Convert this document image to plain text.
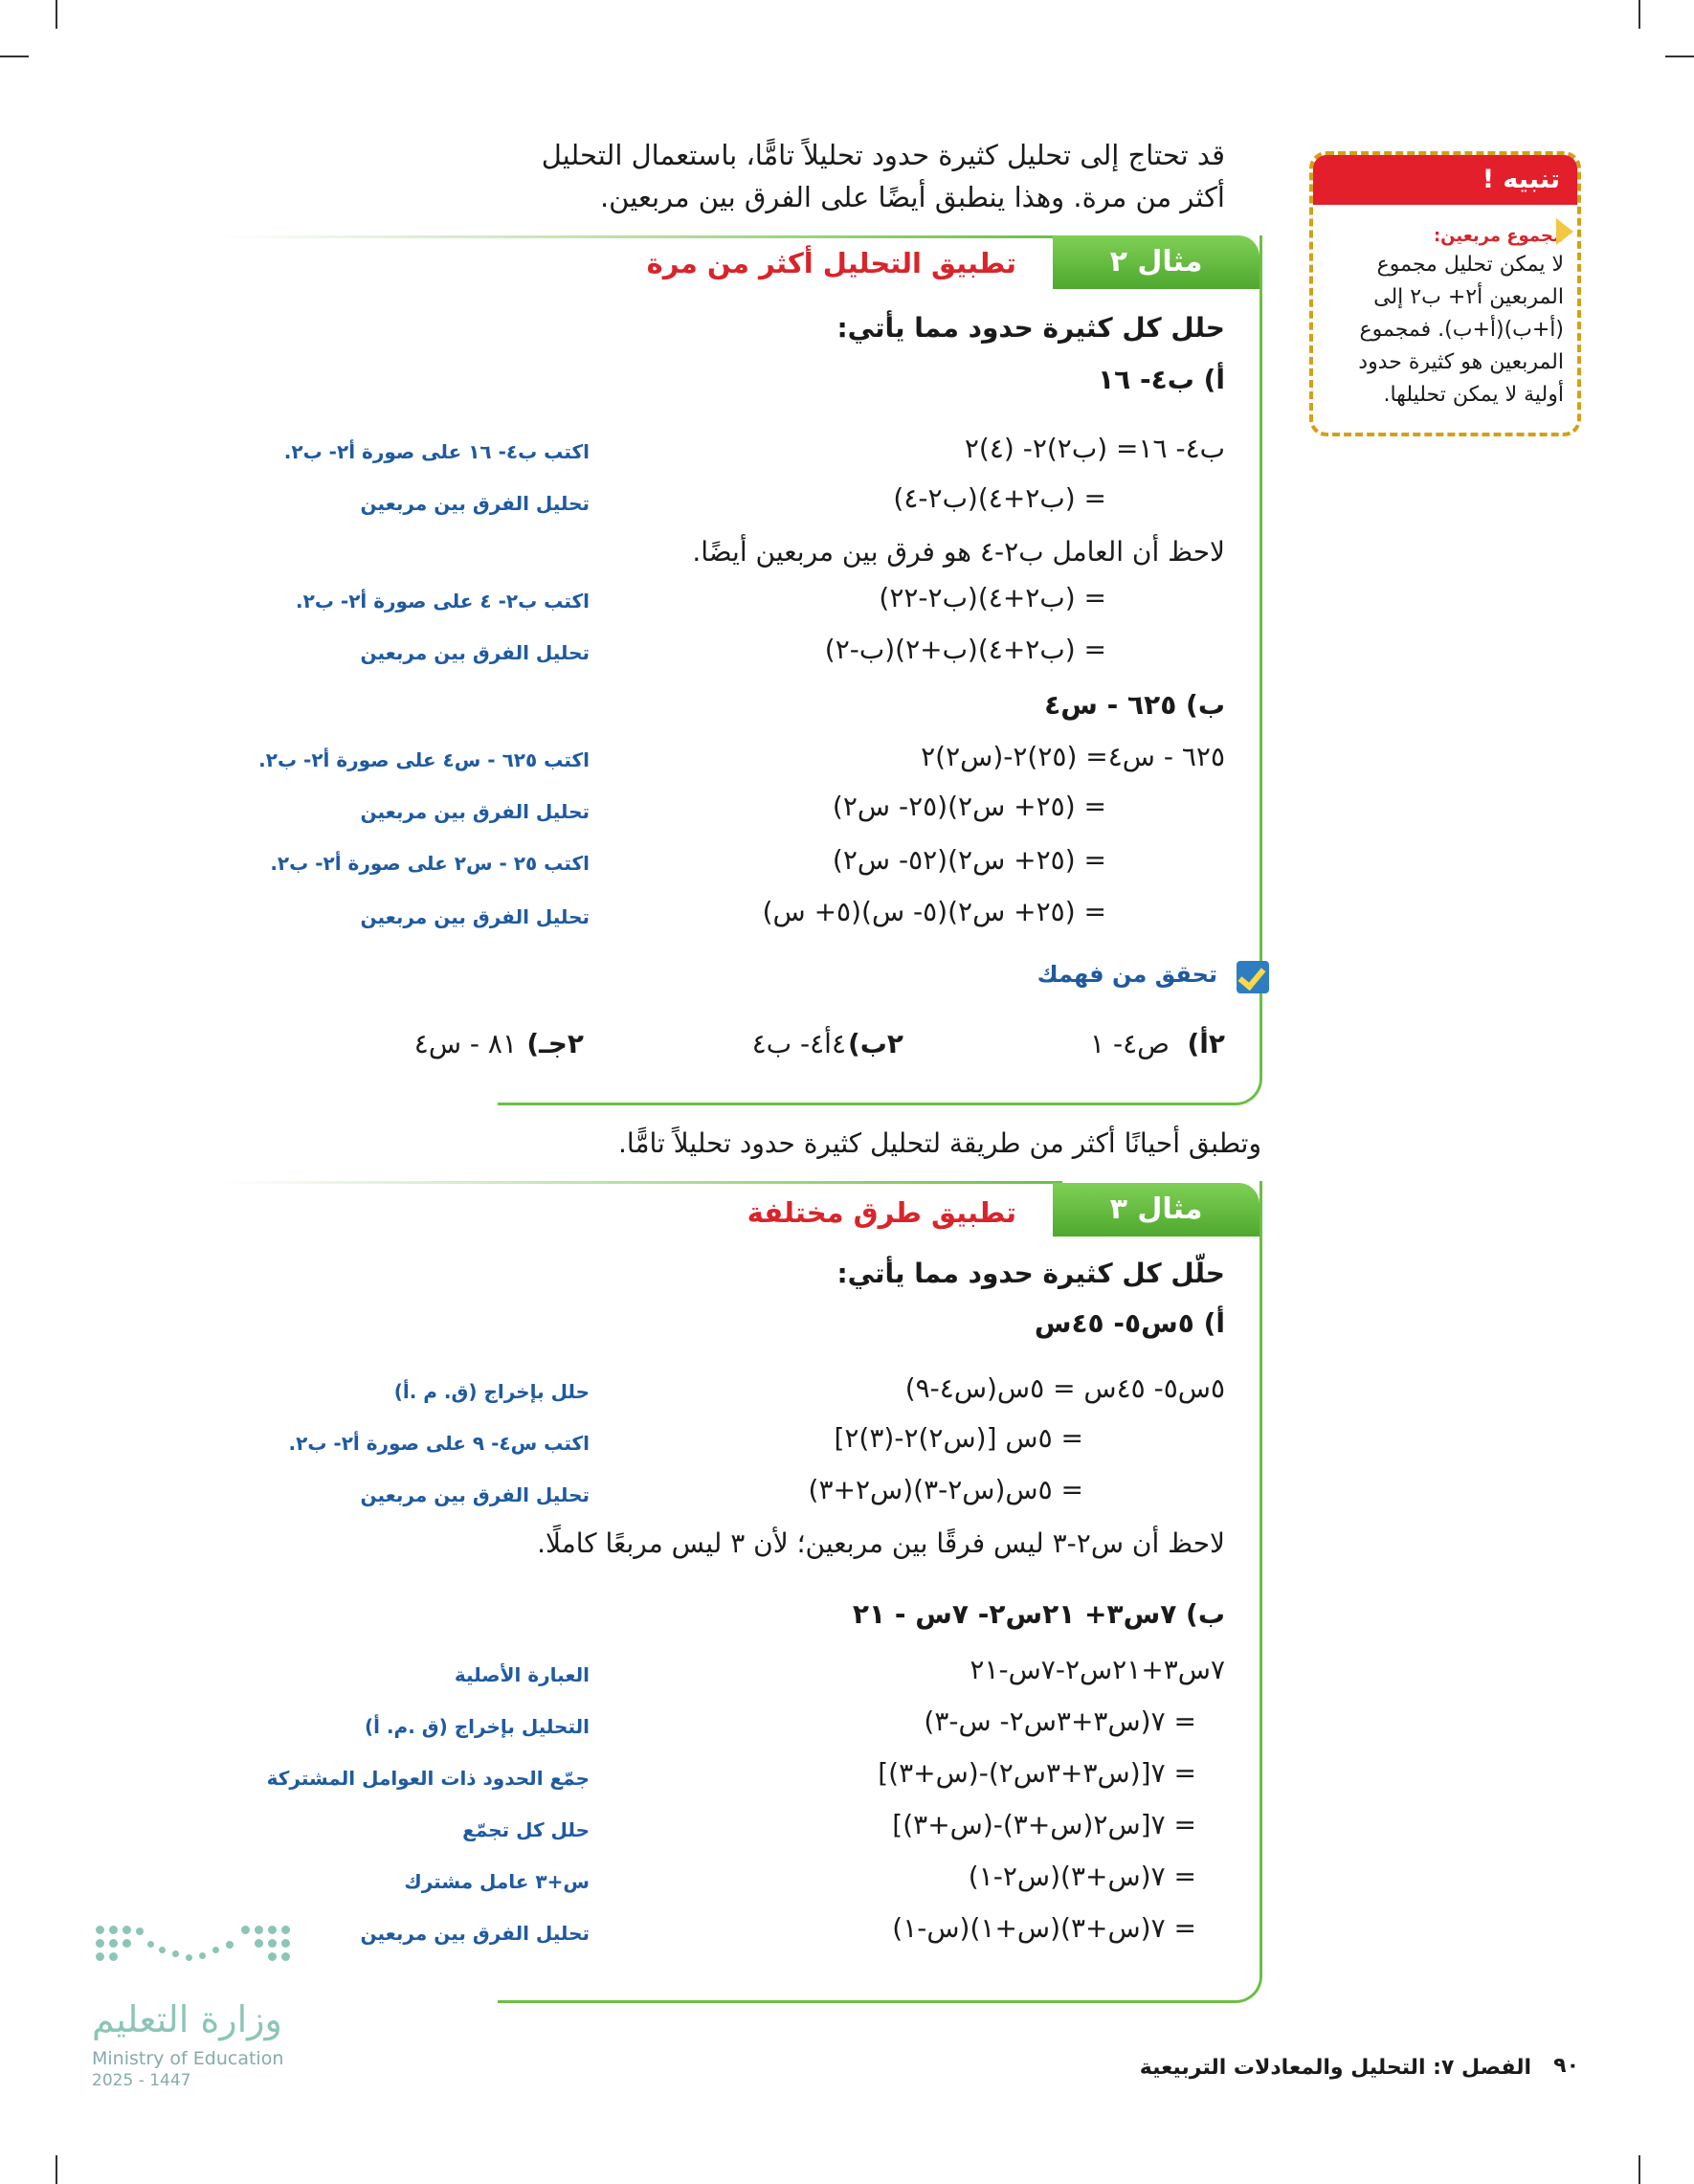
تنبيه !
مجموع مربعين:
لا يمكن تحليل مجموع
المربعين أ٢+ ب٢ إلى
(أ+ب)(أ+ب). فمجموع
المربعين هو كثيرة حدود
أولية لا يمكن تحليلها.
قد تحتاج إلى تحليل كثيرة حدود تحليلاً تامًّا، باستعمال التحليل أكثر من مرة. وهذا ينطبق أيضًا على الفرق بين مربعين.
مثال ٢
تطبيق التحليل أكثر من مرة
حلل كل كثيرة حدود مما يأتي:
أ) ب٤- ١٦
ب٤- ١٦= (ب٢)٢- (٤)٢
اكتب ب٤- ١٦ على صورة أ٢- ب٢.
= (ب٢+٤)(ب٢-٤)
تحليل الفرق بين مربعين
لاحظ أن العامل ب٢-٤ هو فرق بين مربعين أيضًا.
= (ب٢+٤)(ب٢-٢٢)
اكتب ب٢- ٤ على صورة أ٢- ب٢.
= (ب٢+٤)(ب+٢)(ب-٢)
تحليل الفرق بين مربعين
ب) ٦٢٥ - س٤
٦٢٥ - س٤= (٢٥)٢-(س٢)٢
اكتب ٦٢٥ - س٤ على صورة أ٢- ب٢.
= (٢٥+ س٢)(٢٥- س٢)
تحليل الفرق بين مربعين
= (٢٥+ س٢)(٥٢- س٢)
اكتب ٢٥ - س٢ على صورة أ٢- ب٢.
= (٢٥+ س٢)(٥- س)(٥+ س)
تحليل الفرق بين مربعين
تحقق من فهمك
٢أ)
ص٤- ١
٢ب)
٤أ٤- ب٤
٢جـ)
٨١ - س٤
وتطبق أحيانًا أكثر من طريقة لتحليل كثيرة حدود تحليلاً تامًّا.
مثال ٣
تطبيق طرق مختلفة
حلّل كل كثيرة حدود مما يأتي:
أ) ٥س٥- ٤٥س
٥س٥- ٤٥س = ٥س(س٤-٩)
حلل بإخراج (ق. م .أ)
= ٥س [(س٢)٢-(٣)٢]
اكتب س٤- ٩ على صورة أ٢- ب٢.
= ٥س(س٢-٣)(س٢+٣)
تحليل الفرق بين مربعين
لاحظ أن س٢-٣ ليس فرقًا بين مربعين؛ لأن ٣ ليس مربعًا كاملًا.
ب) ٧س٣+ ٢١س٢- ٧س - ٢١
٧س٣+٢١س٢-٧س-٢١
العبارة الأصلية
= ٧(س٣+٣س٢- س-٣)
التحليل بإخراج (ق .م. أ)
= ٧[(س٣+٣س٢)-(س+٣)]
جمّع الحدود ذات العوامل المشتركة
= ٧[س٢(س+٣)-(س+٣)]
حلل كل تجمّع
= ٧(س+٣)(س٢-١)
س+٣ عامل مشترك
= ٧(س+٣)(س+١)(س-١)
تحليل الفرق بين مربعين
وزارة التعليم
Ministry of Education
2025 - 1447
٩٠
الفصل ٧: التحليل والمعادلات التربيعية
